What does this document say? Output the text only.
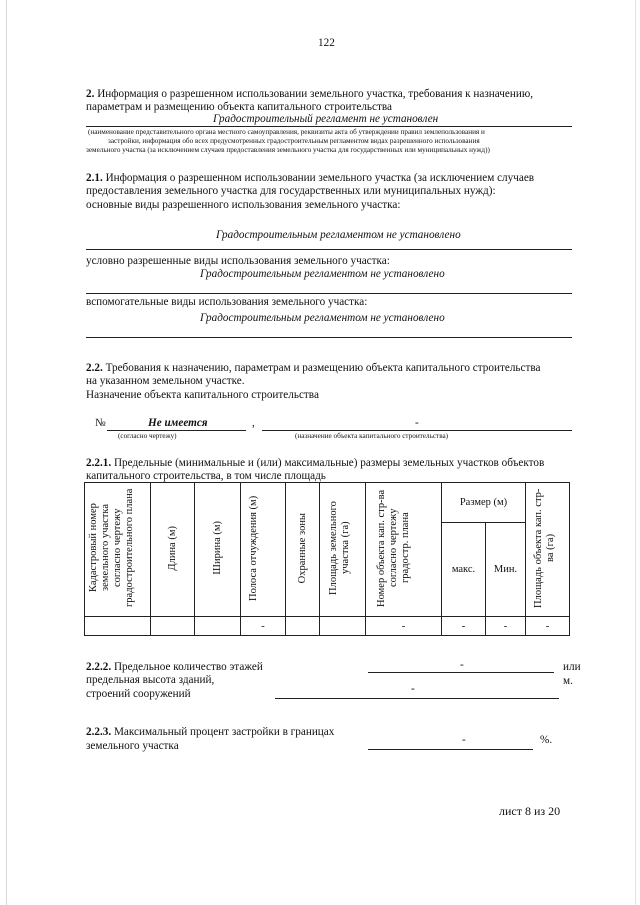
122
2. Информация о разрешенном использовании земельного участка, требования к назначению,
параметрам и размещению объекта капитального строительства
Градостроительный регламент не установлен
(наименование представительного органа местного самоуправления, реквизиты акта об утверждении правил землепользования и
застройки, информация обо всех предусмотренных градостроительным регламентом видах разрешенного использования
земельного участка (за исключением случаев предоставления земельного участка для государственных или муниципальных нужд))
2.1. Информация о разрешенном использовании земельного участка (за исключением случаев
предоставления земельного участка для государственных или муниципальных нужд):
основные виды разрешенного использования земельного участка:
Градостроительным регламентом не установлено
условно разрешенные виды использования земельного участка:
Градостроительным регламентом не установлено
вспомогательные виды использования земельного участка:
Градостроительным регламентом не установлено
2.2. Требования к назначению, параметрам и размещению объекта капитального строительства
на указанном земельном участке.
Назначение объекта капитального строительства
№	Не имеется	,	-
(согласно чертежу)	(назначение объекта капитального строительства)
2.2.1. Предельные (минимальные и (или) максимальные) размеры земельных участков объектов
капитального строительства, в том числе площадь
Кадастровый номер земельного участка согласно чертежу градостроительного плана	Длина (м)	Ширина (м)	Полоса отчуждения (м)	Охранные зоны	Площадь земельного участка (га)	Номер объекта кап. стр-ва согласно чертежу градостр. плана	Размер (м)		Площадь объекта кап. стр-ва (га)
							макс.	Мин.	
			-			-	-	-	-
2.2.2. Предельное количество этажей
предельная высота зданий,
строений сооружений
-	или
-
м.
2.2.3. Максимальный процент застройки в границах
земельного участка	-	%.
лист 8 из 20
